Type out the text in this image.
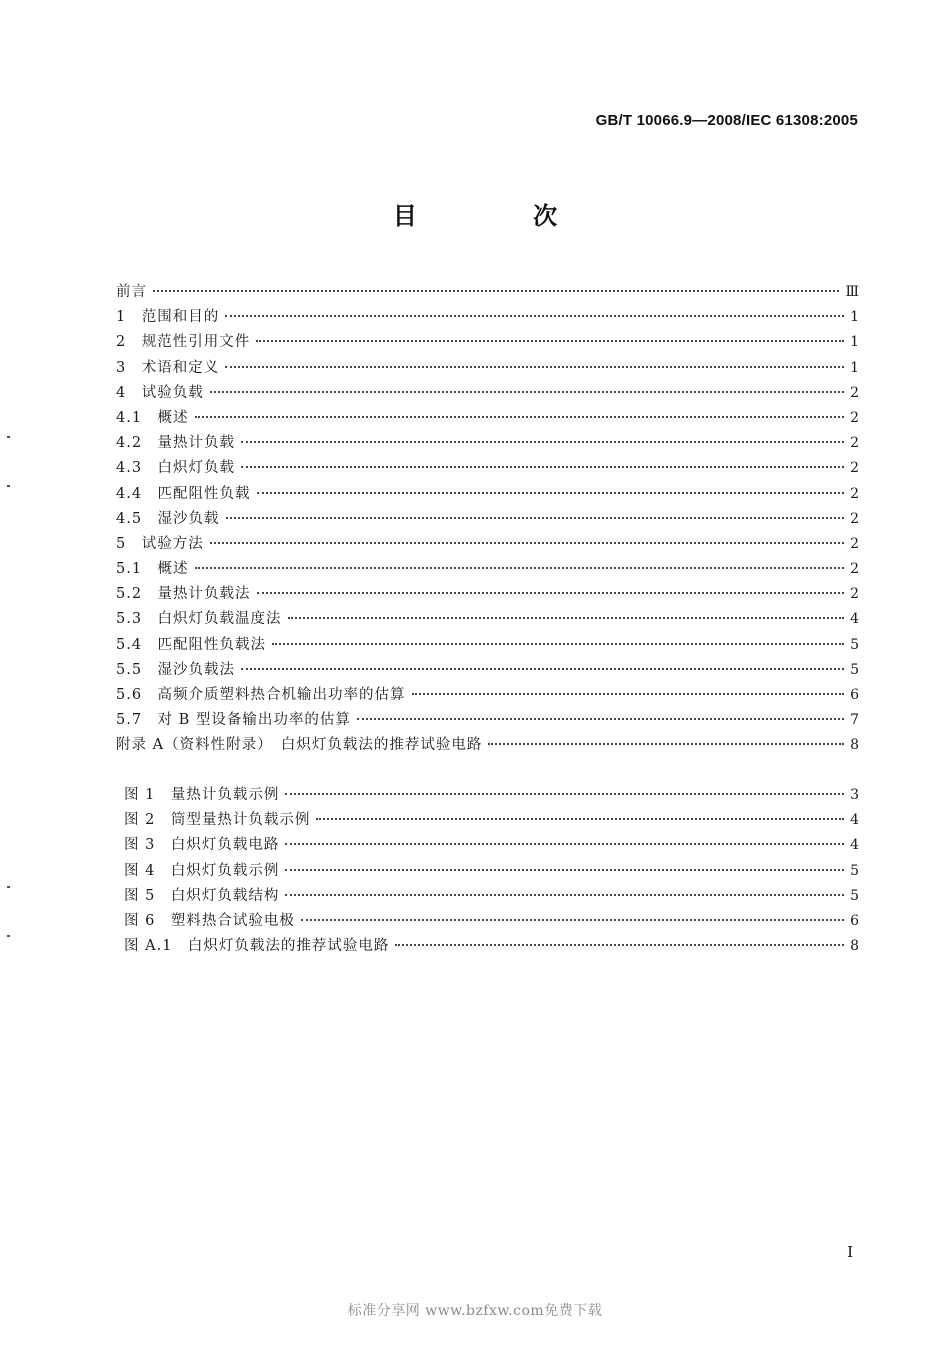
GB/T 10066.9—2008/IEC 61308:2005
目 次
前言	Ⅲ
1　范围和目的	1
2　规范性引用文件	1
3　术语和定义	1
4　试验负载	2
4.1　概述	2
4.2　量热计负载	2
4.3　白炽灯负载	2
4.4　匹配阻性负载	2
4.5　湿沙负载	2
5　试验方法	2
5.1　概述	2
5.2　量热计负载法	2
5.3　白炽灯负载温度法	4
5.4　匹配阻性负载法	5
5.5　湿沙负载法	5
5.6　高频介质塑料热合机输出功率的估算	6
5.7　对 B 型设备输出功率的估算	7
附录 A（资料性附录）　白炽灯负载法的推荐试验电路	8
图 1　量热计负载示例	3
图 2　筒型量热计负载示例	4
图 3　白炽灯负载电路	4
图 4　白炽灯负载示例	5
图 5　白炽灯负载结构	5
图 6　塑料热合试验电极	6
图 A.1　白炽灯负载法的推荐试验电路	8
I
标准分享网 www.bzfxw.com免费下载
